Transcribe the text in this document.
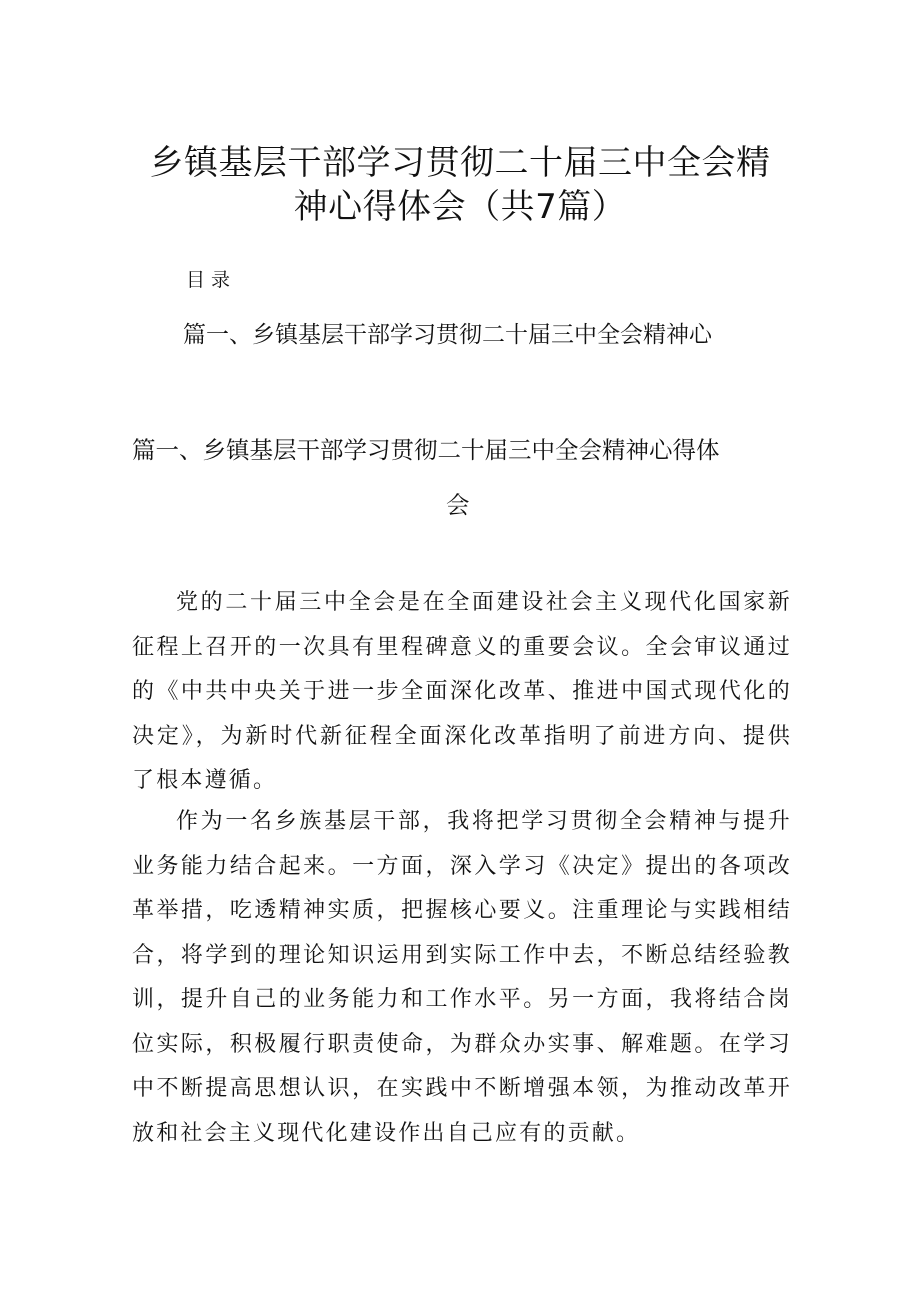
乡镇基层干部学习贯彻二十届三中全会精
神心得体会（共7篇）
目录
篇一、乡镇基层干部学习贯彻二十届三中全会精神心
篇一、乡镇基层干部学习贯彻二十届三中全会精神心得体
会

党的二十届三中全会是在全面建设社会主义现代化国家新征程上召开的一次具有里程碑意义的重要会议。全会审议通过的《中共中央关于进一步全面深化改革、推进中国式现代化的决定》，为新时代新征程全面深化改革指明了前进方向、提供了根本遵循。

作为一名乡族基层干部，我将把学习贯彻全会精神与提升业务能力结合起来。一方面，深入学习《决定》提出的各项改革举措，吃透精神实质，把握核心要义。注重理论与实践相结合，将学到的理论知识运用到实际工作中去，不断总结经验教训，提升自己的业务能力和工作水平。另一方面，我将结合岗位实际，积极履行职责使命，为群众办实事、解难题。在学习中不断提高思想认识，在实践中不断增强本领，为推动改革开放和社会主义现代化建设作出自己应有的贡献。
